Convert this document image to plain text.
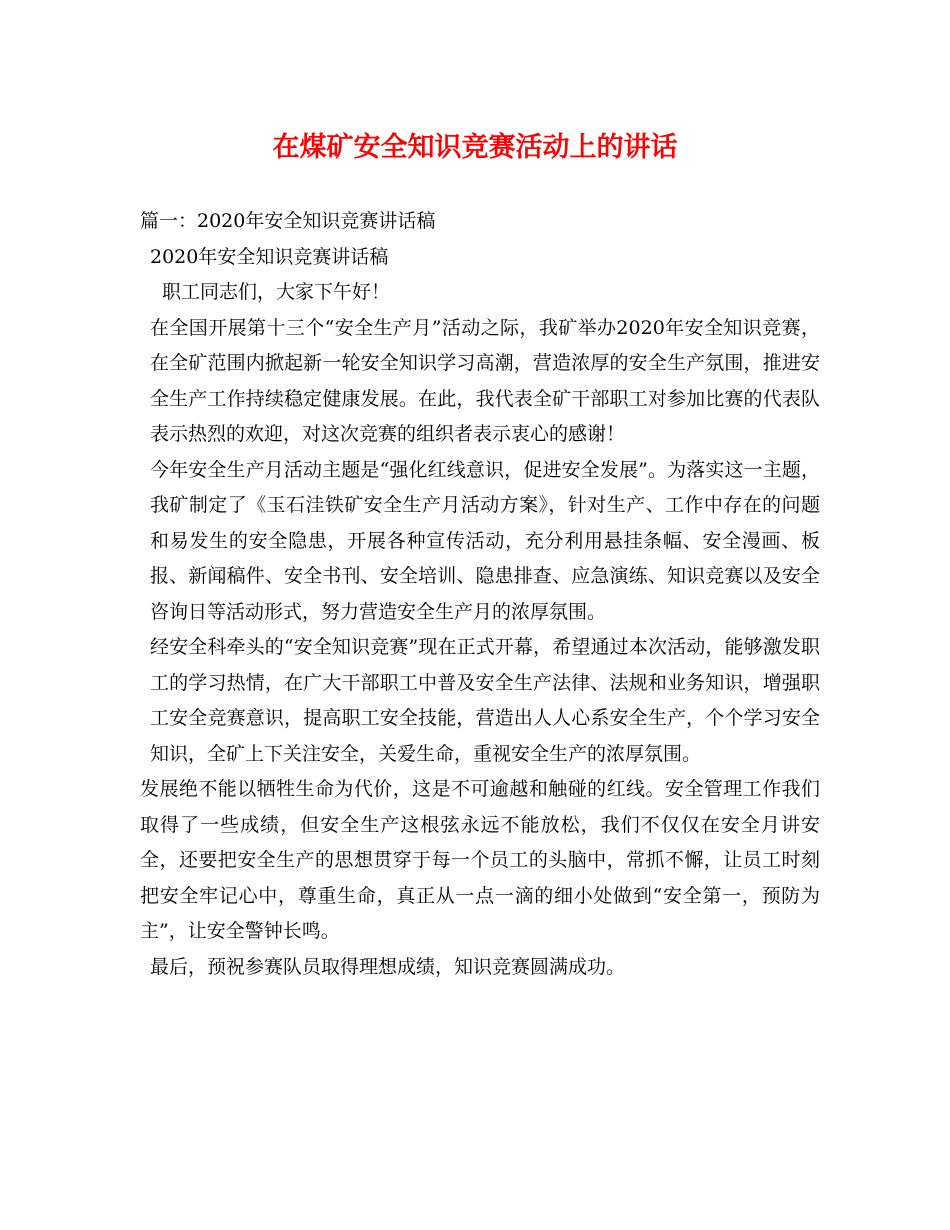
在煤矿安全知识竞赛活动上的讲话

篇一：2020年安全知识竞赛讲话稿

2020年安全知识竞赛讲话稿

职工同志们，大家下午好！

在全国开展第十三个“安全生产月”活动之际，我矿举办2020年安全知识竞赛，在全矿范围内掀起新一轮安全知识学习高潮，营造浓厚的安全生产氛围，推进安全生产工作持续稳定健康发展。在此，我代表全矿干部职工对参加比赛的代表队表示热烈的欢迎，对这次竞赛的组织者表示衷心的感谢！

今年安全生产月活动主题是“强化红线意识，促进安全发展”。为落实这一主题，我矿制定了《玉石洼铁矿安全生产月活动方案》，针对生产、工作中存在的问题和易发生的安全隐患，开展各种宣传活动，充分利用悬挂条幅、安全漫画、板报、新闻稿件、安全书刊、安全培训、隐患排查、应急演练、知识竞赛以及安全咨询日等活动形式，努力营造安全生产月的浓厚氛围。

经安全科牵头的“安全知识竞赛”现在正式开幕，希望通过本次活动，能够激发职工的学习热情，在广大干部职工中普及安全生产法律、法规和业务知识，增强职工安全竞赛意识，提高职工安全技能，营造出人人心系安全生产，个个学习安全知识，全矿上下关注安全，关爱生命，重视安全生产的浓厚氛围。

发展绝不能以牺牲生命为代价，这是不可逾越和触碰的红线。安全管理工作我们取得了一些成绩，但安全生产这根弦永远不能放松，我们不仅仅在安全月讲安全，还要把安全生产的思想贯穿于每一个员工的头脑中，常抓不懈，让员工时刻把安全牢记心中，尊重生命，真正从一点一滴的细小处做到“安全第一，预防为主”，让安全警钟长鸣。

最后，预祝参赛队员取得理想成绩，知识竞赛圆满成功。
